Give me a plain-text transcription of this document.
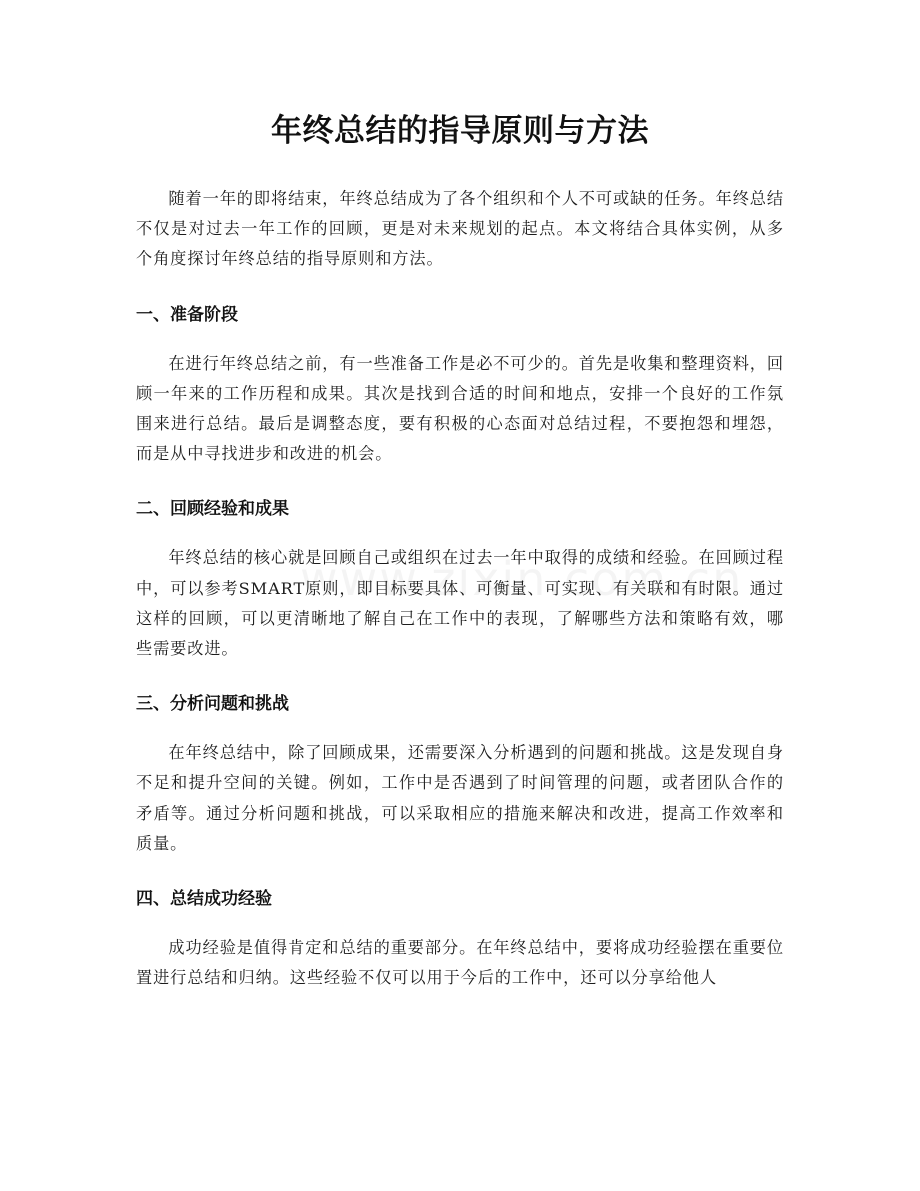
年终总结的指导原则与方法

随着一年的即将结束，年终总结成为了各个组织和个人不可或缺的任务。年终总结不仅是对过去一年工作的回顾，更是对未来规划的起点。本文将结合具体实例，从多个角度探讨年终总结的指导原则和方法。

一、准备阶段

在进行年终总结之前，有一些准备工作是必不可少的。首先是收集和整理资料，回顾一年来的工作历程和成果。其次是找到合适的时间和地点，安排一个良好的工作氛围来进行总结。最后是调整态度，要有积极的心态面对总结过程，不要抱怨和埋怨，而是从中寻找进步和改进的机会。

二、回顾经验和成果

年终总结的核心就是回顾自己或组织在过去一年中取得的成绩和经验。在回顾过程中，可以参考SMART原则，即目标要具体、可衡量、可实现、有关联和有时限。通过这样的回顾，可以更清晰地了解自己在工作中的表现，了解哪些方法和策略有效，哪些需要改进。

三、分析问题和挑战

在年终总结中，除了回顾成果，还需要深入分析遇到的问题和挑战。这是发现自身不足和提升空间的关键。例如，工作中是否遇到了时间管理的问题，或者团队合作的矛盾等。通过分析问题和挑战，可以采取相应的措施来解决和改进，提高工作效率和质量。

四、总结成功经验

成功经验是值得肯定和总结的重要部分。在年终总结中，要将成功经验摆在重要位置进行总结和归纳。这些经验不仅可以用于今后的工作中，还可以分享给他人
